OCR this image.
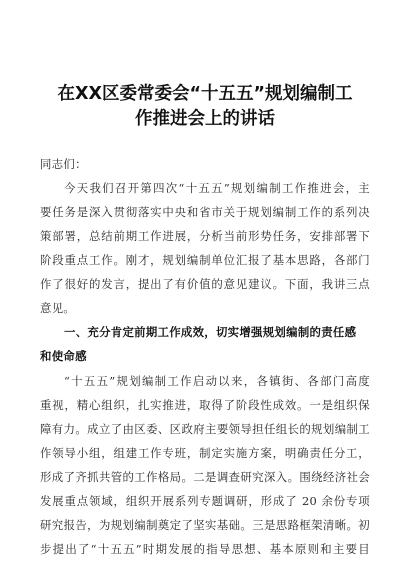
在XX区委常委会“十五五”规划编制工
作推进会上的讲话
同志们：
今天我们召开第四次“十五五”规划编制工作推进会，主
要任务是深入贯彻落实中央和省市关于规划编制工作的系列决
策部署，总结前期工作进展，分析当前形势任务，安排部署下
阶段重点工作。刚才，规划编制单位汇报了基本思路，各部门
作了很好的发言，提出了有价值的意见建议。下面，我讲三点
意见。
一、充分肯定前期工作成效，切实增强规划编制的责任感
和使命感
“十五五”规划编制工作启动以来，各镇街、各部门高度
重视，精心组织，扎实推进，取得了阶段性成效。一是组织保
障有力。成立了由区委、区政府主要领导担任组长的规划编制工
作领导小组，组建工作专班，制定实施方案，明确责任分工，
形成了齐抓共管的工作格局。二是调查研究深入。围绕经济社会
发展重点领域，组织开展系列专题调研，形成了 20 余份专项
研究报告，为规划编制奠定了坚实基础。三是思路框架清晰。初
步提出了“十五五”时期发展的指导思想、基本原则和主要目
